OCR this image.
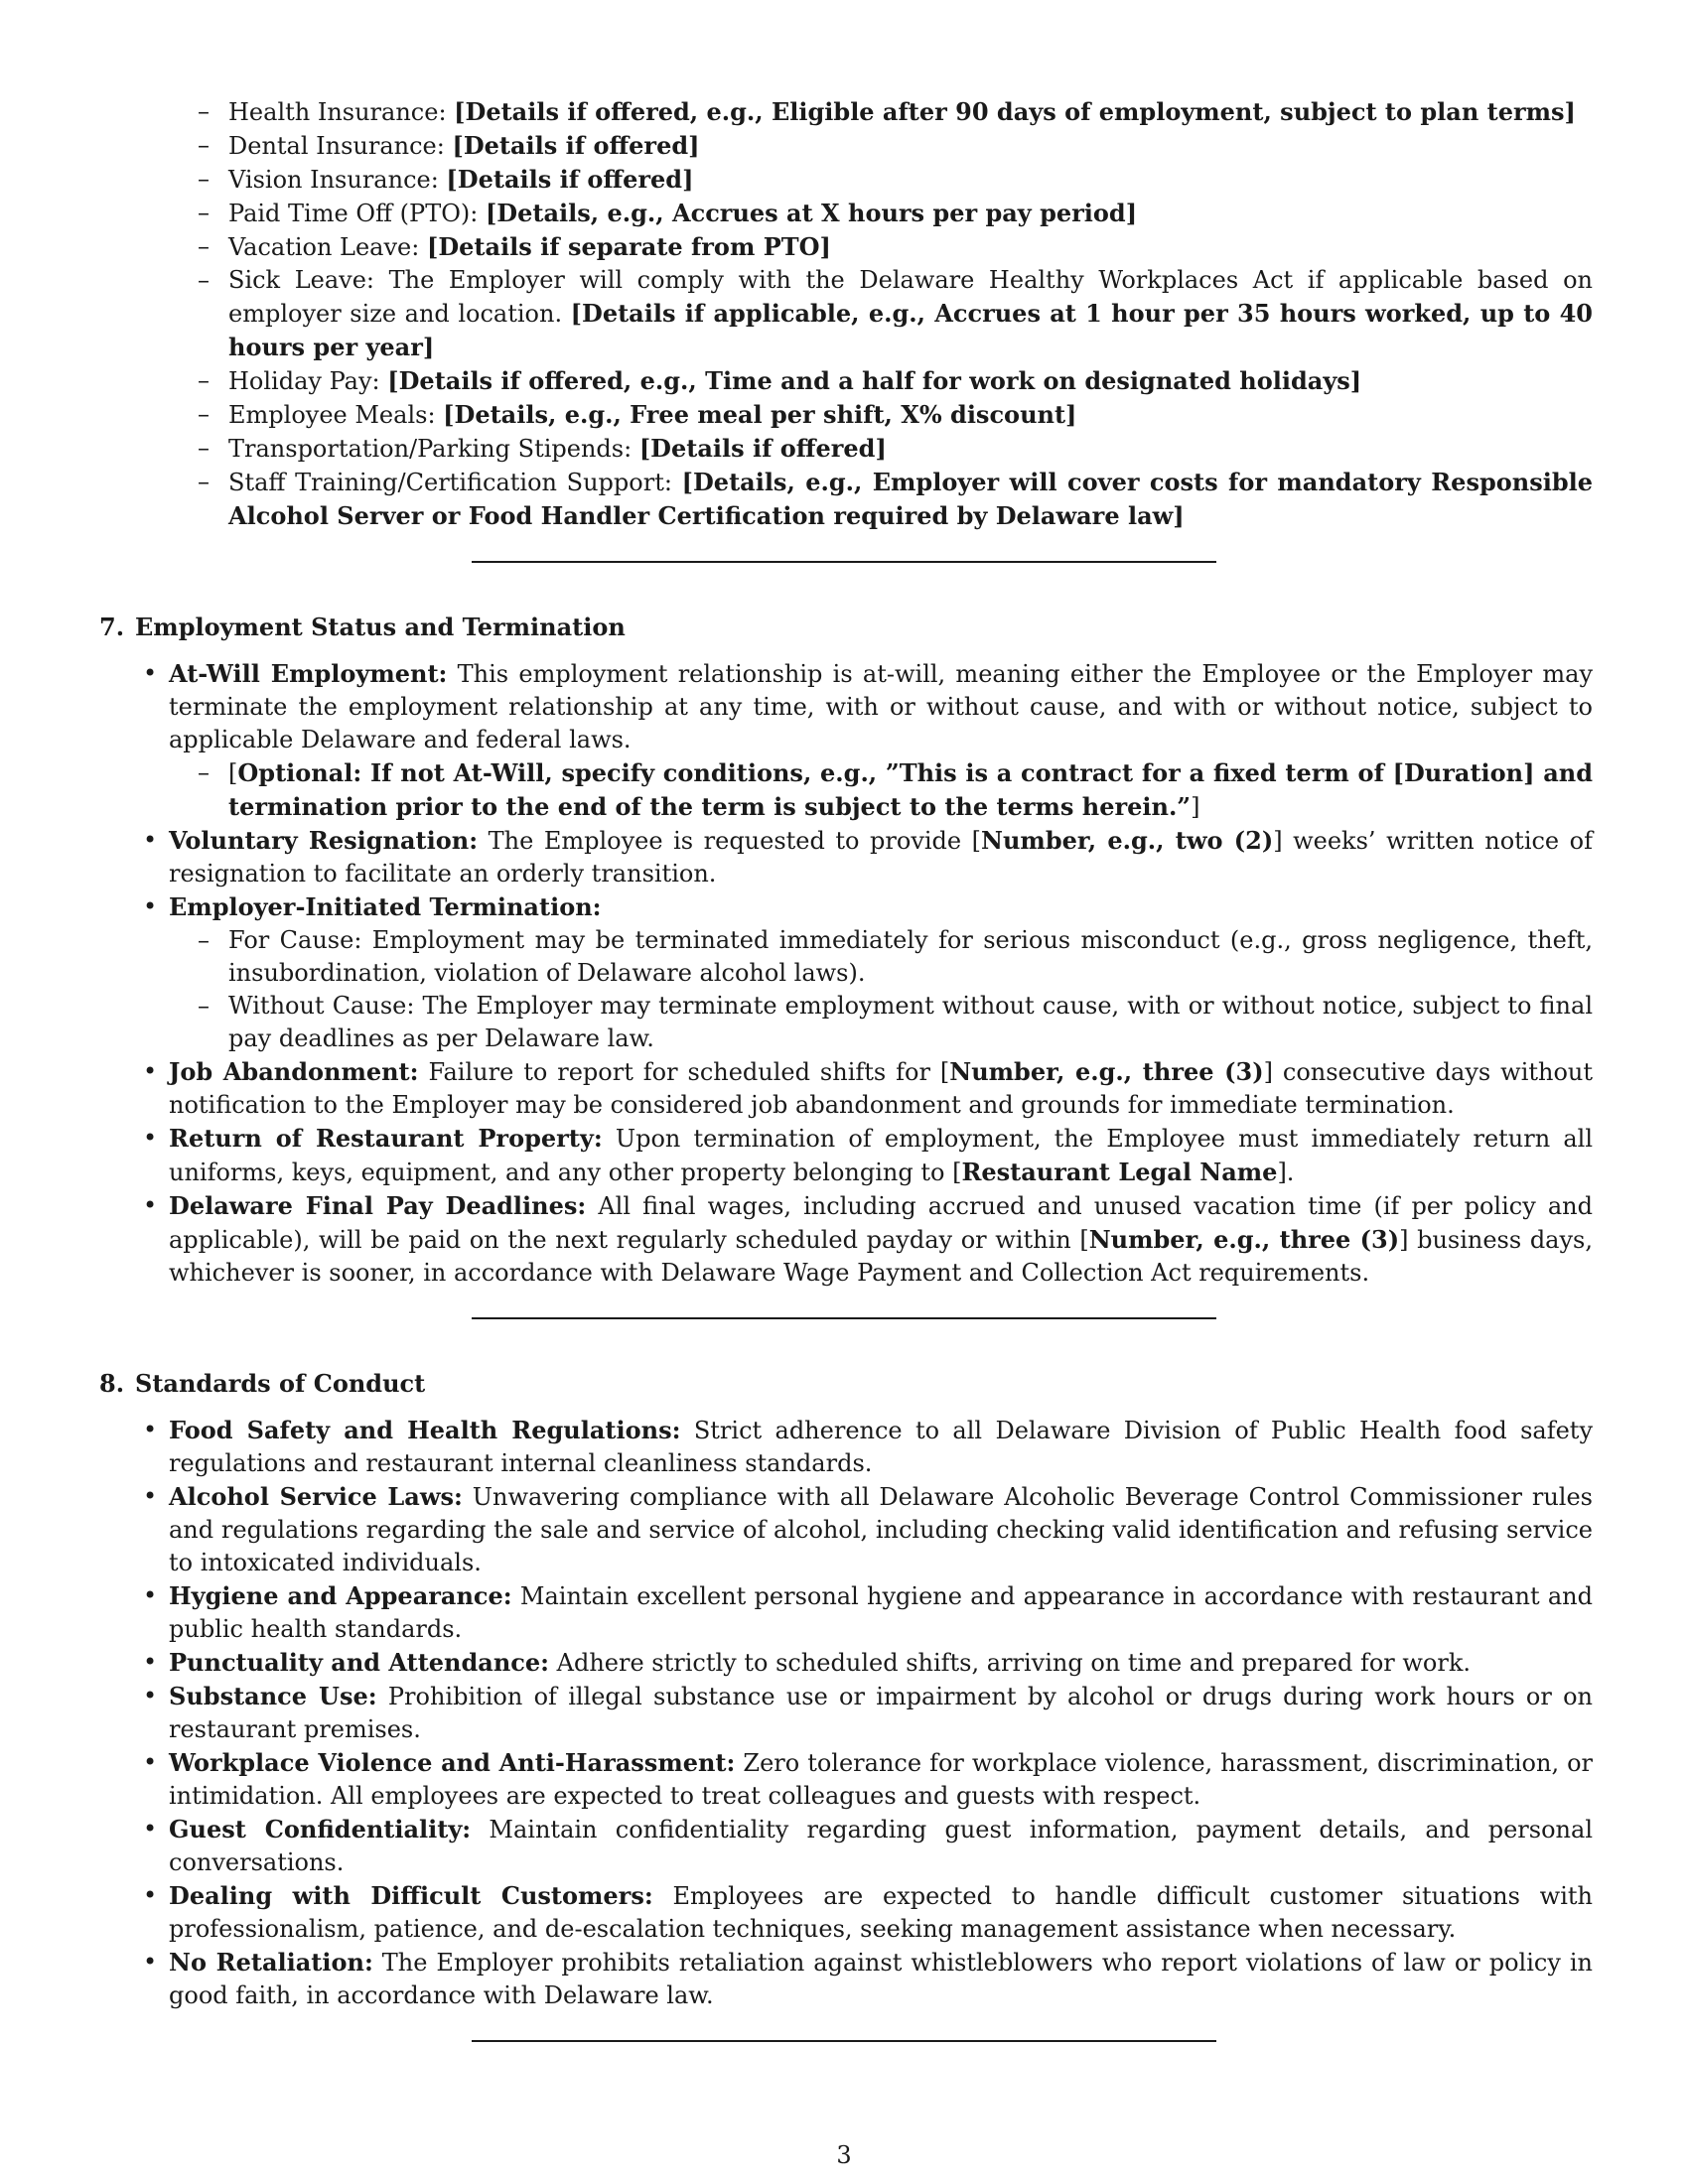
– Health Insurance: [Details if offered, e.g., Eligible after 90 days of employment, subject to plan terms]
– Dental Insurance: [Details if offered]
– Vision Insurance: [Details if offered]
– Paid Time Off (PTO): [Details, e.g., Accrues at X hours per pay period]
– Vacation Leave: [Details if separate from PTO]
– Sick Leave: The Employer will comply with the Delaware Healthy Workplaces Act if applicable based on employer size and location. [Details if applicable, e.g., Accrues at 1 hour per 35 hours worked, up to 40 hours per year]
– Holiday Pay: [Details if offered, e.g., Time and a half for work on designated holidays]
– Employee Meals: [Details, e.g., Free meal per shift, X% discount]
– Transportation/Parking Stipends: [Details if offered]
– Staff Training/Certification Support: [Details, e.g., Employer will cover costs for mandatory Responsible Alcohol Server or Food Handler Certification required by Delaware law]
7. Employment Status and Termination
• At-Will Employment: This employment relationship is at-will, meaning either the Employee or the Employer may terminate the employment relationship at any time, with or without cause, and with or without notice, subject to applicable Delaware and federal laws.
– [Optional: If not At-Will, specify conditions, e.g., ”This is a contract for a fixed term of [Duration] and termination prior to the end of the term is subject to the terms herein.”]
• Voluntary Resignation: The Employee is requested to provide [Number, e.g., two (2)] weeks’ written notice of resignation to facilitate an orderly transition.
• Employer-Initiated Termination:
– For Cause: Employment may be terminated immediately for serious misconduct (e.g., gross negligence, theft, insubordination, violation of Delaware alcohol laws).
– Without Cause: The Employer may terminate employment without cause, with or without notice, subject to final pay deadlines as per Delaware law.
• Job Abandonment: Failure to report for scheduled shifts for [Number, e.g., three (3)] consecutive days without notification to the Employer may be considered job abandonment and grounds for immediate termination.
• Return of Restaurant Property: Upon termination of employment, the Employee must immediately return all uniforms, keys, equipment, and any other property belonging to [Restaurant Legal Name].
• Delaware Final Pay Deadlines: All final wages, including accrued and unused vacation time (if per policy and applicable), will be paid on the next regularly scheduled payday or within [Number, e.g., three (3)] business days, whichever is sooner, in accordance with Delaware Wage Payment and Collection Act requirements.
8. Standards of Conduct
• Food Safety and Health Regulations: Strict adherence to all Delaware Division of Public Health food safety regulations and restaurant internal cleanliness standards.
• Alcohol Service Laws: Unwavering compliance with all Delaware Alcoholic Beverage Control Commissioner rules and regulations regarding the sale and service of alcohol, including checking valid identification and refusing service to intoxicated individuals.
• Hygiene and Appearance: Maintain excellent personal hygiene and appearance in accordance with restaurant and public health standards.
• Punctuality and Attendance: Adhere strictly to scheduled shifts, arriving on time and prepared for work.
• Substance Use: Prohibition of illegal substance use or impairment by alcohol or drugs during work hours or on restaurant premises.
• Workplace Violence and Anti-Harassment: Zero tolerance for workplace violence, harassment, discrimination, or intimidation. All employees are expected to treat colleagues and guests with respect.
• Guest Confidentiality: Maintain confidentiality regarding guest information, payment details, and personal conversations.
• Dealing with Difficult Customers: Employees are expected to handle difficult customer situations with professionalism, patience, and de-escalation techniques, seeking management assistance when necessary.
• No Retaliation: The Employer prohibits retaliation against whistleblowers who report violations of law or policy in good faith, in accordance with Delaware law.
3
